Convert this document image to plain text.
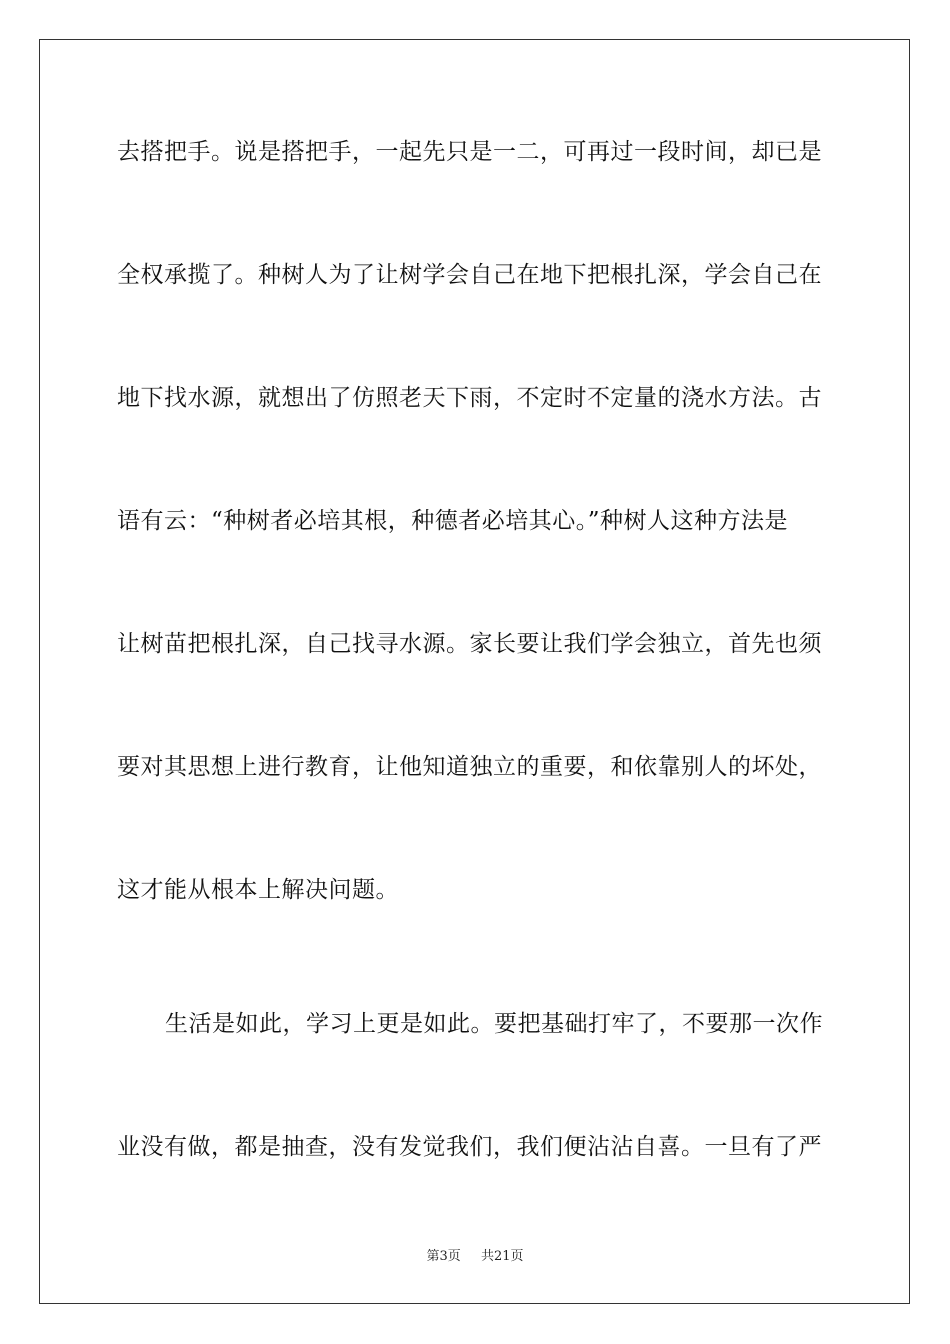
去搭把手。说是搭把手，一起先只是一二，可再过一段时间，却已是
全权承揽了。种树人为了让树学会自己在地下把根扎深，学会自己在
地下找水源，就想出了仿照老天下雨，不定时不定量的浇水方法。古
语有云：“种树者必培其根，种德者必培其心。”种树人这种方法是
让树苗把根扎深，自己找寻水源。家长要让我们学会独立，首先也须
要对其思想上进行教育，让他知道独立的重要，和依靠别人的坏处，
这才能从根本上解决问题。
生活是如此，学习上更是如此。要把基础打牢了，不要那一次作
业没有做，都是抽查，没有发觉我们，我们便沾沾自喜。一旦有了严
第3页 共21页
